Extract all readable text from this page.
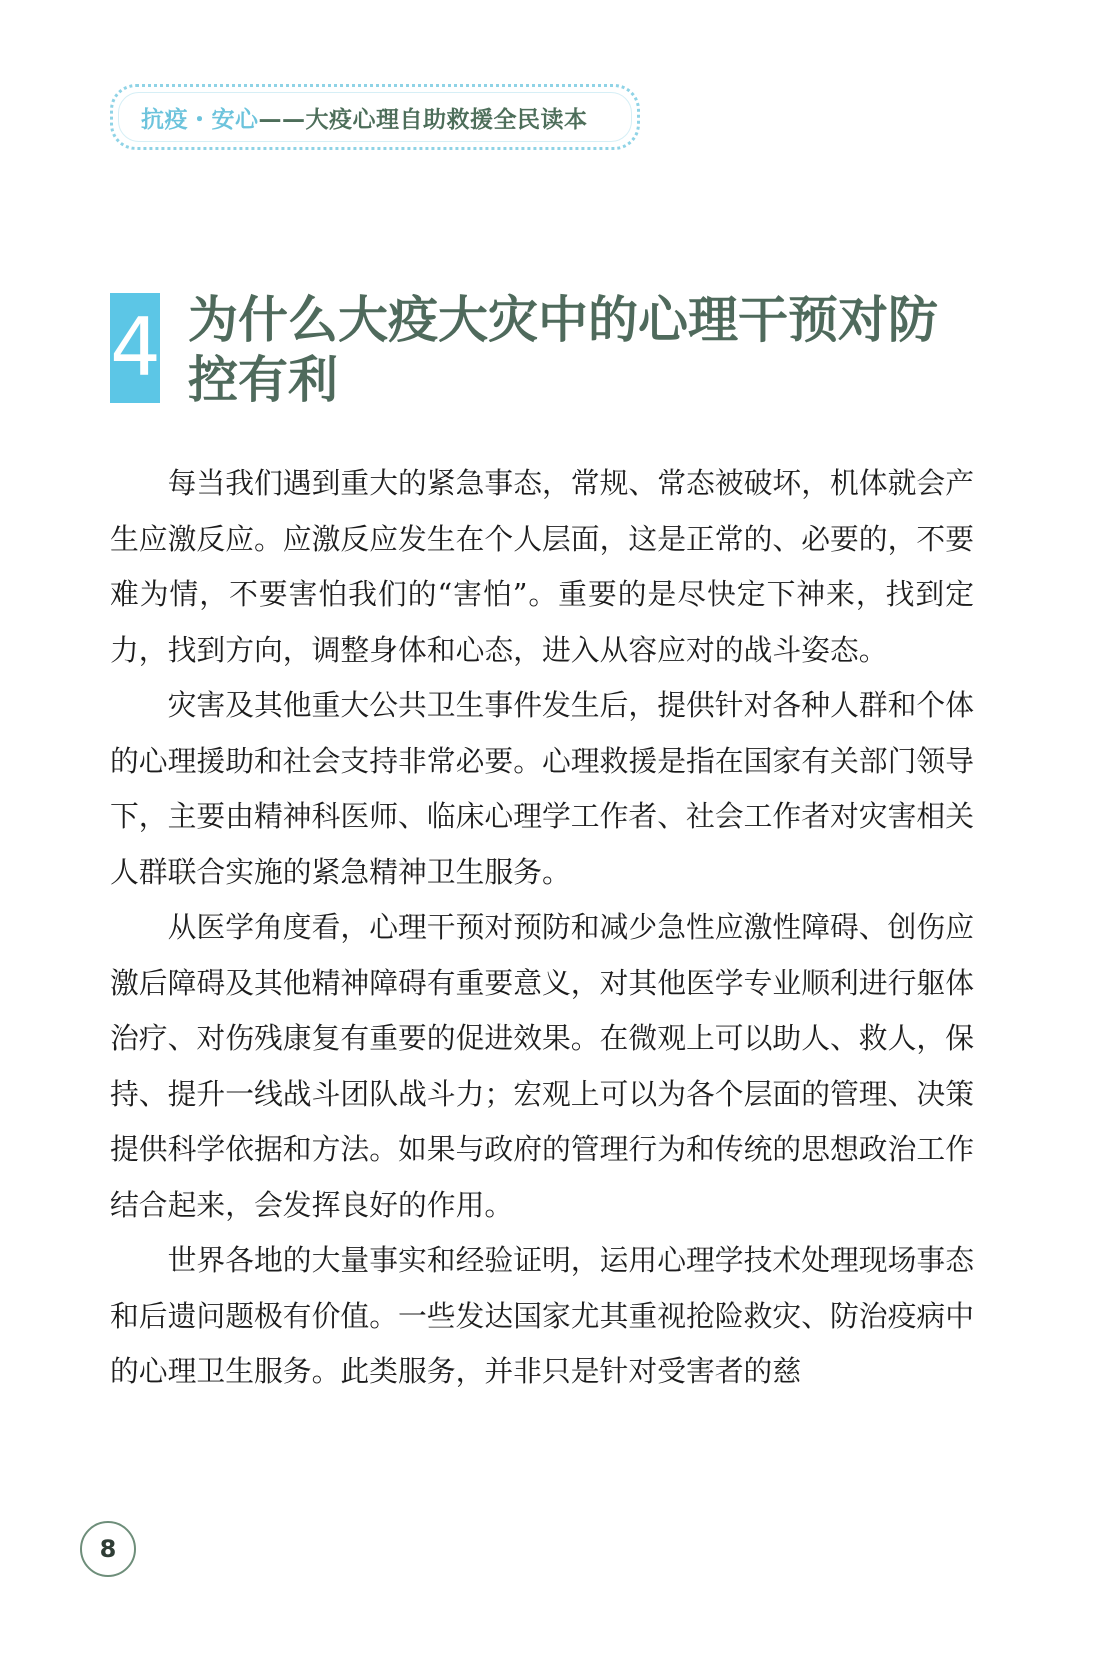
抗疫・安心——大疫心理自助救援全民读本
4 为什么大疫大灾中的心理干预对防控有利

每当我们遇到重大的紧急事态，常规、常态被破坏，机体就会产生应激反应。应激反应发生在个人层面，这是正常的、必要的，不要难为情，不要害怕我们的“害怕”。重要的是尽快定下神来，找到定力，找到方向，调整身体和心态，进入从容应对的战斗姿态。

灾害及其他重大公共卫生事件发生后，提供针对各种人群和个体的心理援助和社会支持非常必要。心理救援是指在国家有关部门领导下，主要由精神科医师、临床心理学工作者、社会工作者对灾害相关人群联合实施的紧急精神卫生服务。

从医学角度看，心理干预对预防和减少急性应激性障碍、创伤应激后障碍及其他精神障碍有重要意义，对其他医学专业顺利进行躯体治疗、对伤残康复有重要的促进效果。在微观上可以助人、救人，保持、提升一线战斗团队战斗力；宏观上可以为各个层面的管理、决策提供科学依据和方法。如果与政府的管理行为和传统的思想政治工作结合起来，会发挥良好的作用。

世界各地的大量事实和经验证明，运用心理学技术处理现场事态和后遗问题极有价值。一些发达国家尤其重视抢险救灾、防治疫病中的心理卫生服务。此类服务，并非只是针对受害者的慈

8
